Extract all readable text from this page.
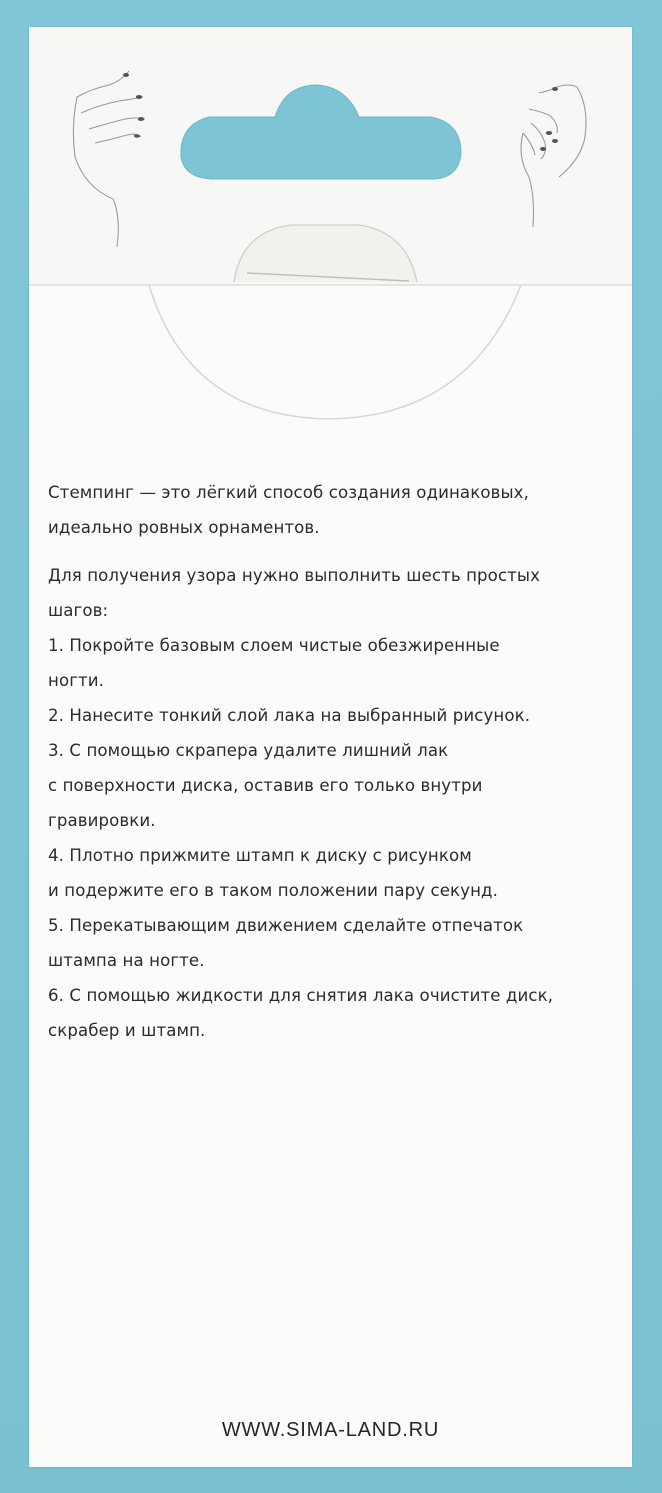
Стемпинг — это лёгкий способ создания одинаковых,
идеально ровных орнаментов.

Для получения узора нужно выполнить шесть простых
шагов:

1. Покройте базовым слоем чистые обезжиренные
ногти.

2. Нанесите тонкий слой лака на выбранный рисунок.

3. С помощью скрапера удалите лишний лак
с поверхности диска, оставив его только внутри
гравировки.

4. Плотно прижмите штамп к диску с рисунком
и подержите его в таком положении пару секунд.

5. Перекатывающим движением сделайте отпечаток
штампа на ногте.

6. С помощью жидкости для снятия лака очистите диск,
скрабер и штамп.

WWW.SIMA-LAND.RU
